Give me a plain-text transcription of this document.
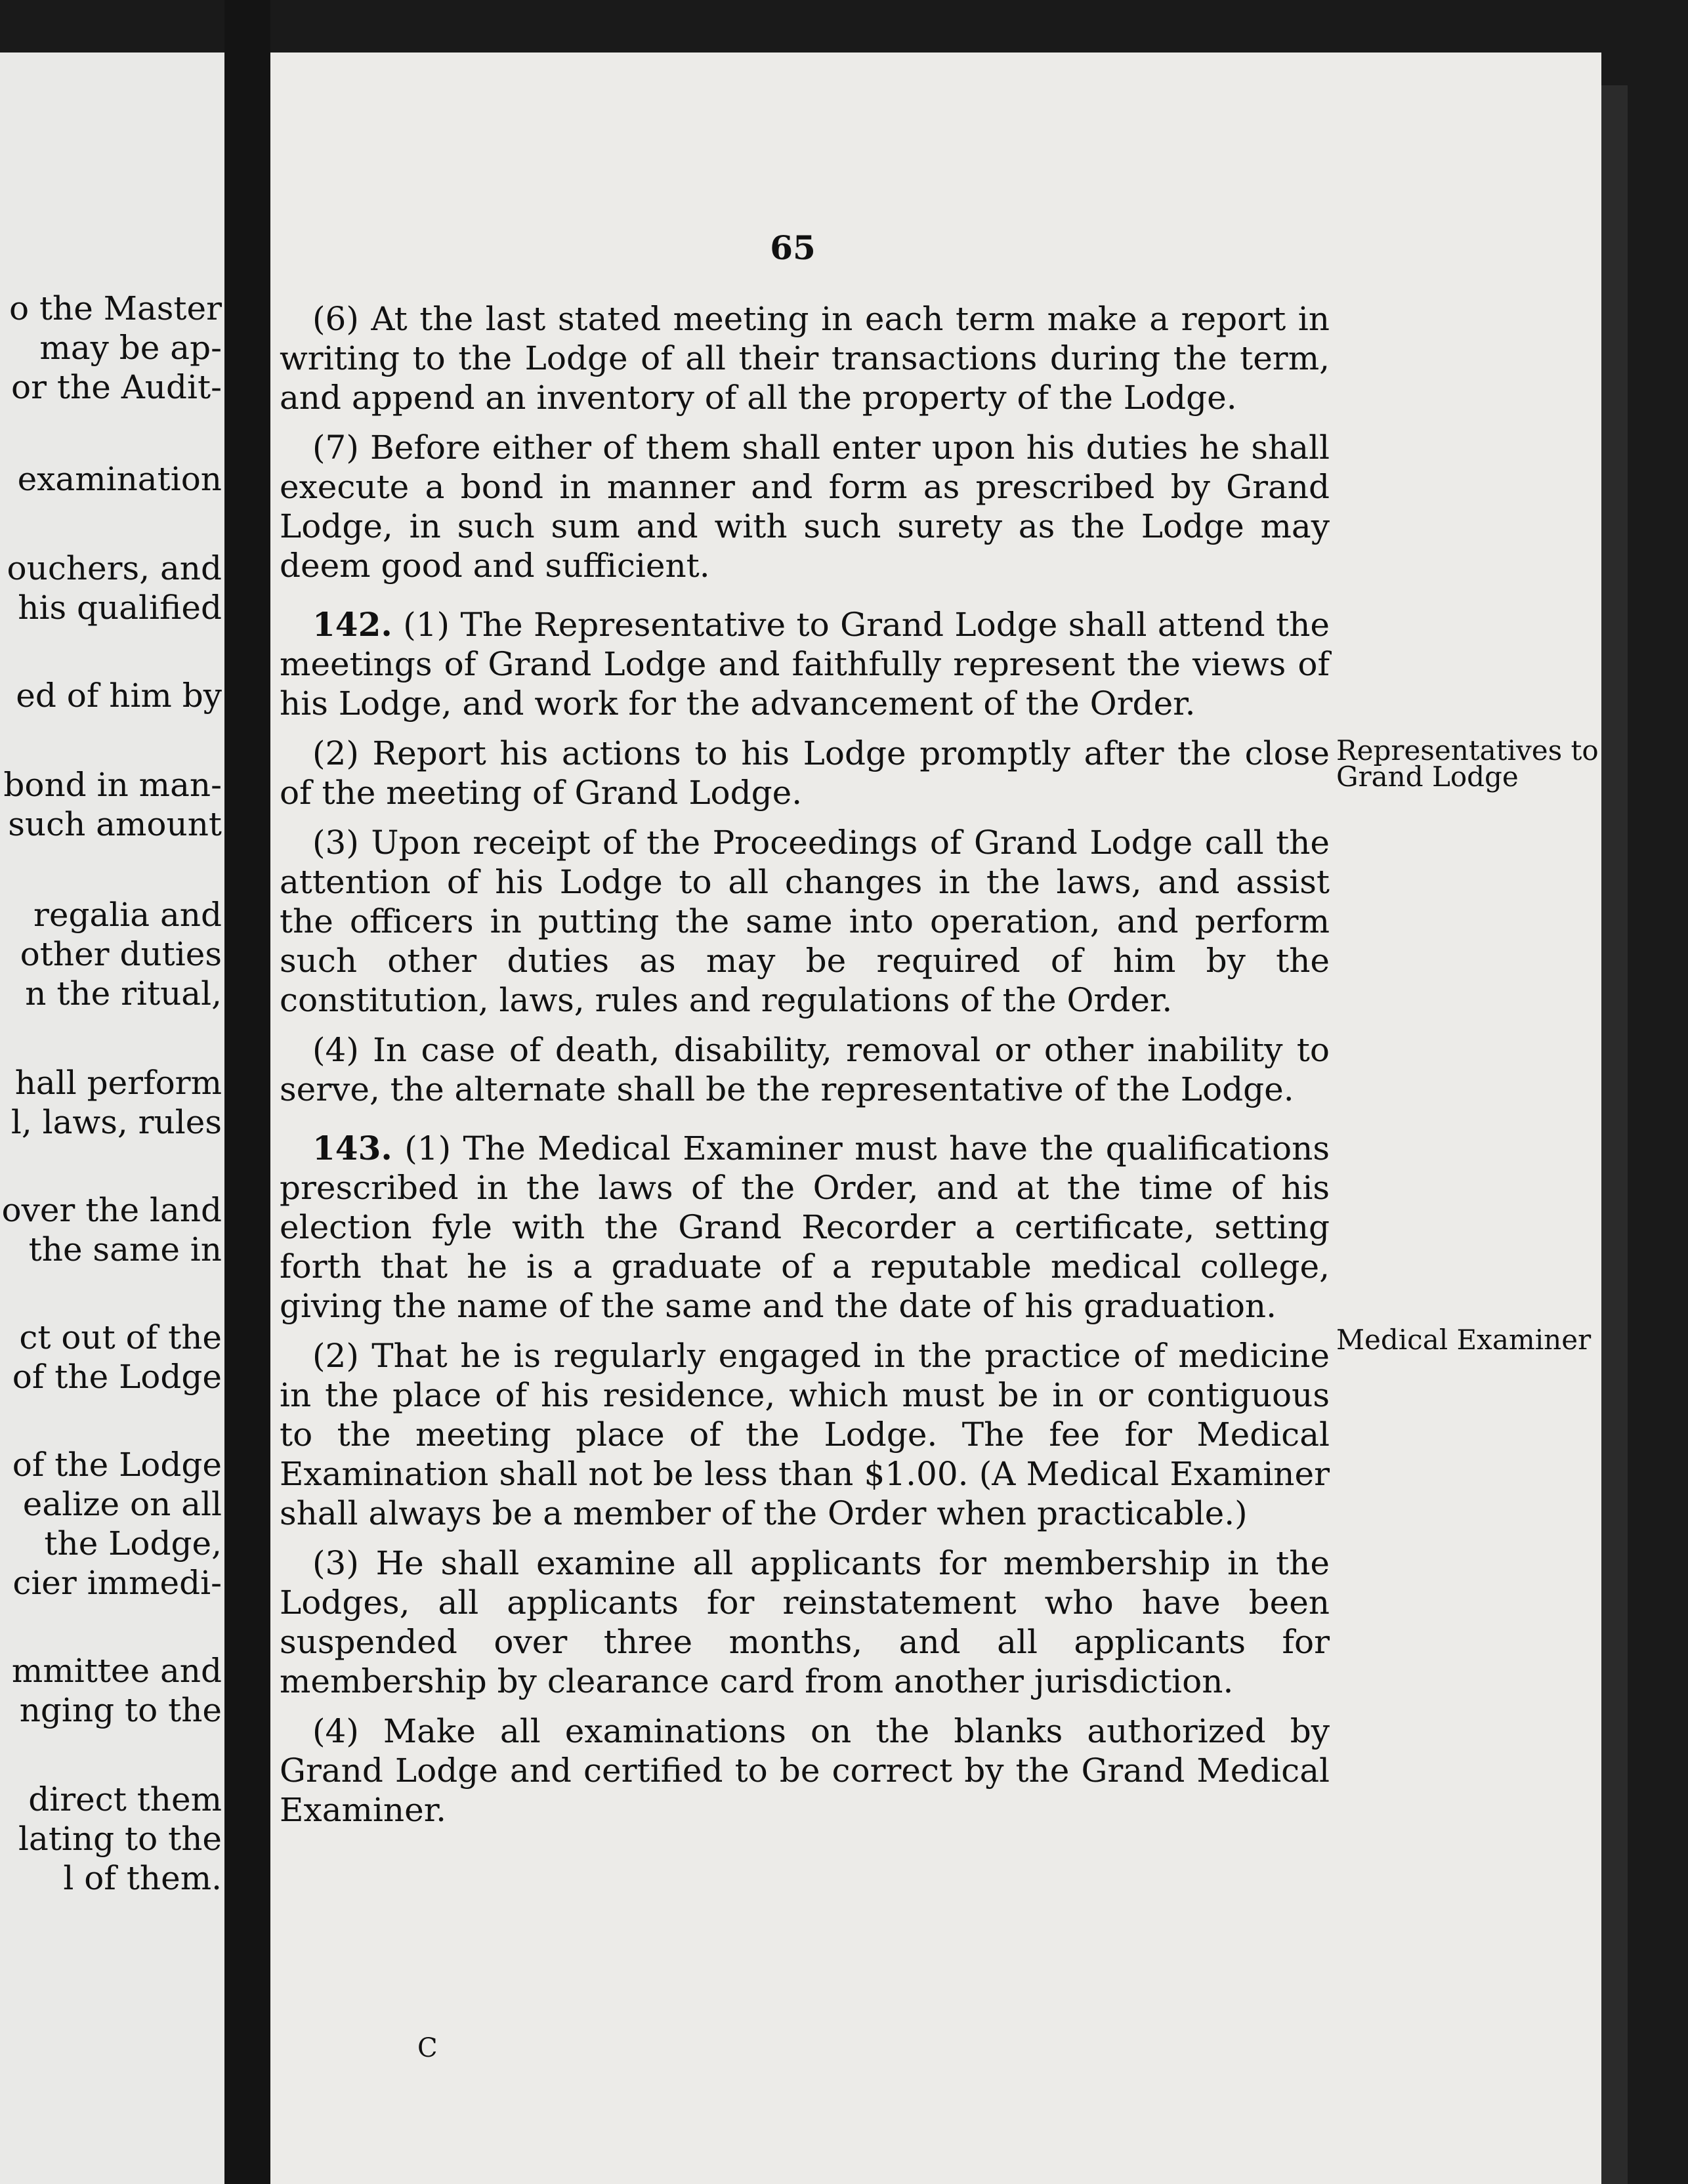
o the Master
may be ap-
or the Audit-
examination
ouchers, and
his qualified
ed of him by
bond in man-
such amount
regalia and
other duties
n the ritual,
hall perform
l, laws, rules
over the land
the same in
ct out of the
of the Lodge
of the Lodge
ealize on all
the Lodge,
cier immedi-
mmittee and
nging to the
direct them
lating to the
l of them.
65

(6) At the last stated meeting in each term make a report in writing to the Lodge of all their transactions during the term, and append an inventory of all the property of the Lodge.

(7) Before either of them shall enter upon his duties he shall execute a bond in manner and form as prescribed by Grand Lodge, in such sum and with such surety as the Lodge may deem good and sufficient.

142. (1) The Representative to Grand Lodge shall attend the meetings of Grand Lodge and faithfully represent the views of his Lodge, and work for the advancement of the Order.

(2) Report his actions to his Lodge promptly after the close of the meeting of Grand Lodge.

(3) Upon receipt of the Proceedings of Grand Lodge call the attention of his Lodge to all changes in the laws, and assist the officers in putting the same into operation, and perform such other duties as may be required of him by the constitution, laws, rules and regulations of the Order.

(4) In case of death, disability, removal or other inability to serve, the alternate shall be the representative of the Lodge.

143. (1) The Medical Examiner must have the qualifications prescribed in the laws of the Order, and at the time of his election fyle with the Grand Recorder a certificate, setting forth that he is a graduate of a reputable medical college, giving the name of the same and the date of his graduation.

(2) That he is regularly engaged in the practice of medicine in the place of his residence, which must be in or contiguous to the meeting place of the Lodge. The fee for Medical Examination shall not be less than $1.00. (A Medical Examiner shall always be a member of the Order when practicable.)

(3) He shall examine all applicants for membership in the Lodges, all applicants for reinstatement who have been suspended over three months, and all applicants for membership by clearance card from another jurisdiction.

(4) Make all examinations on the blanks authorized by Grand Lodge and certified to be correct by the Grand Medical Examiner.

Representatives to Grand Lodge
Medical Examiner
C
